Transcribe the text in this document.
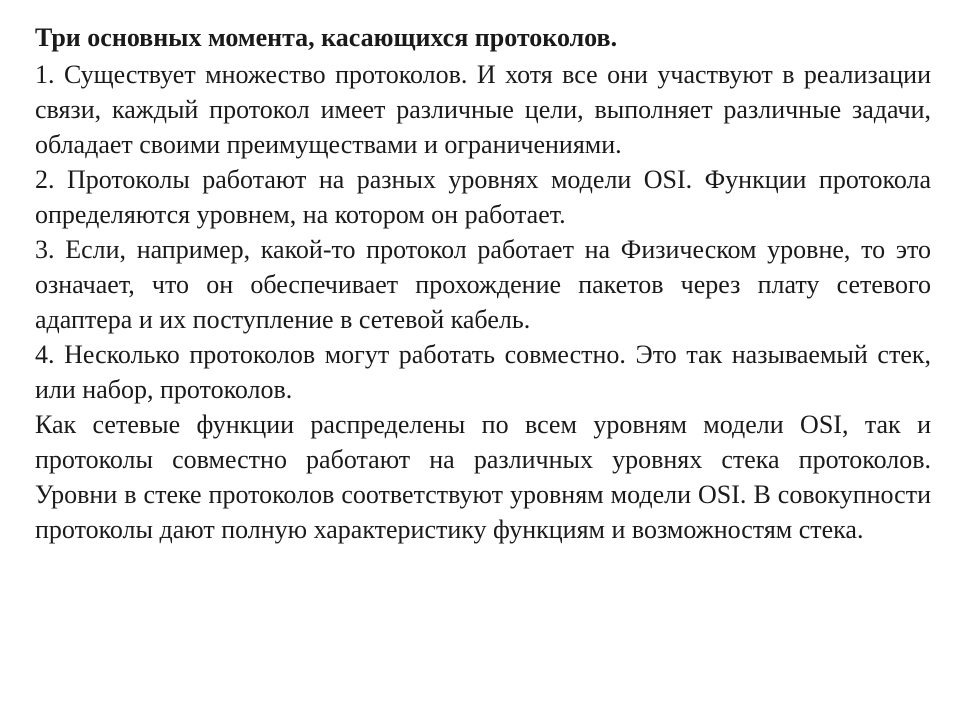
Три основных момента, касающихся протоколов.

1. Существует множество протоколов. И хотя все они участвуют в реализации связи, каждый протокол имеет различные цели, выполняет различные задачи, обладает своими преимуществами и ограничениями.

2. Протоколы работают на разных уровнях модели OSI. Функции протокола определяются уровнем, на котором он работает.

3. Если, например, какой-то протокол работает на Физическом уровне, то это означает, что он обеспечивает прохождение пакетов через плату сетевого адаптера и их поступление в сетевой кабель.

4. Несколько протоколов могут работать совместно. Это так называемый стек, или набор, протоколов.

Как сетевые функции распределены по всем уровням модели OSI, так и протоколы совместно работают на различных уровнях стека протоколов. Уровни в стеке протоколов соответствуют уровням модели OSI. В совокупности протоколы дают полную характеристику функциям и возможностям стека.
